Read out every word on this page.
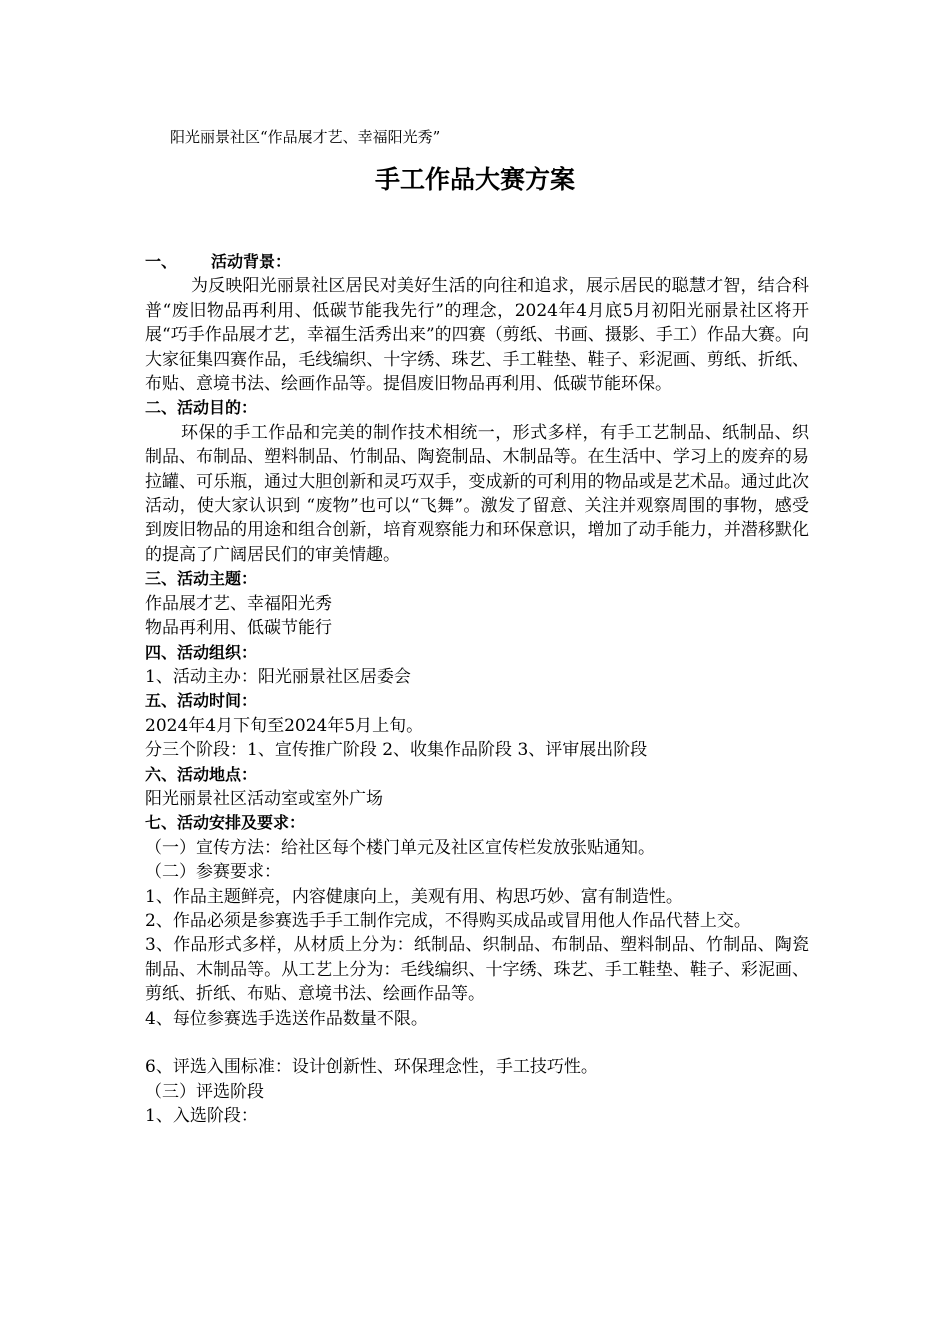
阳光丽景社区“作品展才艺、幸福阳光秀”
手工作品大赛方案

一、 活动背景：

为反映阳光丽景社区居民对美好生活的向往和追求，展示居民的聪慧才智，结合科普“废旧物品再利用、低碳节能我先行”的理念，2024年4月底5月初阳光丽景社区将开展“巧手作品展才艺，幸福生活秀出来”的四赛（剪纸、书画、摄影、手工）作品大赛。向大家征集四赛作品，毛线编织、十字绣、珠艺、手工鞋垫、鞋子、彩泥画、剪纸、折纸、布贴、意境书法、绘画作品等。提倡废旧物品再利用、低碳节能环保。

二、活动目的：

环保的手工作品和完美的制作技术相统一，形式多样，有手工艺制品、纸制品、织制品、布制品、塑料制品、竹制品、陶瓷制品、木制品等。在生活中、学习上的废弃的易拉罐、可乐瓶，通过大胆创新和灵巧双手，变成新的可利用的物品或是艺术品。通过此次活动，使大家认识到 “废物”也可以“飞舞”。激发了留意、关注并观察周围的事物，感受到废旧物品的用途和组合创新，培育观察能力和环保意识，增加了动手能力，并潜移默化的提高了广阔居民们的审美情趣。

三、活动主题：

作品展才艺、幸福阳光秀

物品再利用、低碳节能行

四、活动组织：

1、活动主办：阳光丽景社区居委会

五、活动时间：

2024年4月下旬至2024年5月上旬。

分三个阶段：1、宣传推广阶段 2、收集作品阶段 3、评审展出阶段

六、活动地点：

阳光丽景社区活动室或室外广场

七、活动安排及要求：

（一）宣传方法：给社区每个楼门单元及社区宣传栏发放张贴通知。

（二）参赛要求：

1、作品主题鲜亮，内容健康向上，美观有用、构思巧妙、富有制造性。

2、作品必须是参赛选手手工制作完成，不得购买成品或冒用他人作品代替上交。

3、作品形式多样，从材质上分为：纸制品、织制品、布制品、塑料制品、竹制品、陶瓷制品、木制品等。从工艺上分为：毛线编织、十字绣、珠艺、手工鞋垫、鞋子、彩泥画、剪纸、折纸、布贴、意境书法、绘画作品等。

4、每位参赛选手选送作品数量不限。

6、评选入围标准：设计创新性、环保理念性，手工技巧性。

（三）评选阶段

1、入选阶段：
